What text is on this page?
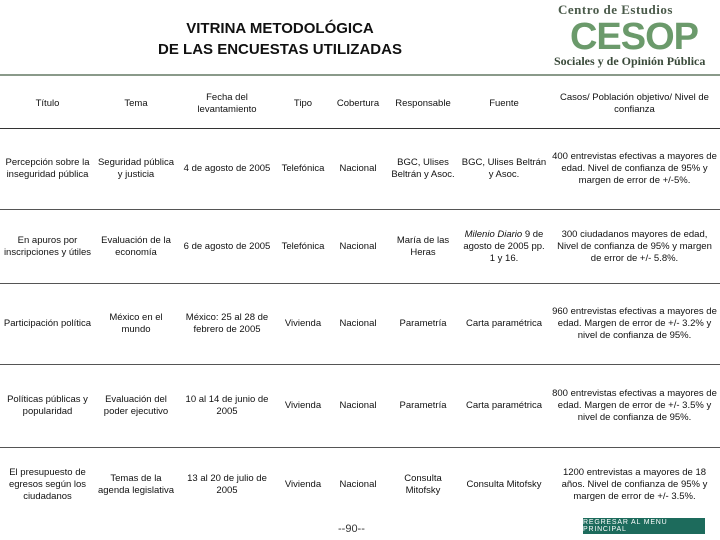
VITRINA METODOLÓGICA
DE LAS ENCUESTAS UTILIZADAS
Centro de Estudios
CESOP
Sociales y de Opinión Pública
Título	Tema	Fecha del levantamiento	Tipo	Cobertura	Responsable	Fuente	Casos/ Población objetivo/ Nivel de confianza
Percepción sobre la inseguridad pública	Seguridad pública y justicia	4 de agosto de 2005	Telefónica	Nacional	BGC, Ulises Beltrán y Asoc.	BGC, Ulises Beltrán y Asoc.	400 entrevistas efectivas a mayores de edad. Nivel de confianza de 95% y margen de error de +/-5%.
En apuros por inscripciones y útiles	Evaluación de la economía	6 de agosto de 2005	Telefónica	Nacional	María de las Heras	Milenio Diario 9 de agosto de 2005 pp. 1 y 16.	300 ciudadanos mayores de edad, Nivel de confianza de 95% y margen de error de +/- 5.8%.
Participación política	México en el mundo	México: 25 al 28 de febrero de 2005	Vivienda	Nacional	Parametría	Carta paramétrica	960 entrevistas efectivas a mayores de edad. Margen de error de +/- 3.2% y nivel de confianza de 95%.
Políticas públicas y popularidad	Evaluación del poder ejecutivo	10 al 14 de junio de 2005	Vivienda	Nacional	Parametría	Carta paramétrica	800 entrevistas efectivas a mayores de edad. Margen de error de +/- 3.5% y nivel de confianza de 95%.
El presupuesto de egresos según los ciudadanos	Temas de la agenda legislativa	13 al 20 de julio de 2005	Vivienda	Nacional	Consulta Mitofsky	Consulta Mitofsky	1200 entrevistas a mayores de 18 años. Nivel de confianza de 95% y margen de error de +/- 3.5%.
--90--
REGRESAR AL MENU PRINCIPAL
